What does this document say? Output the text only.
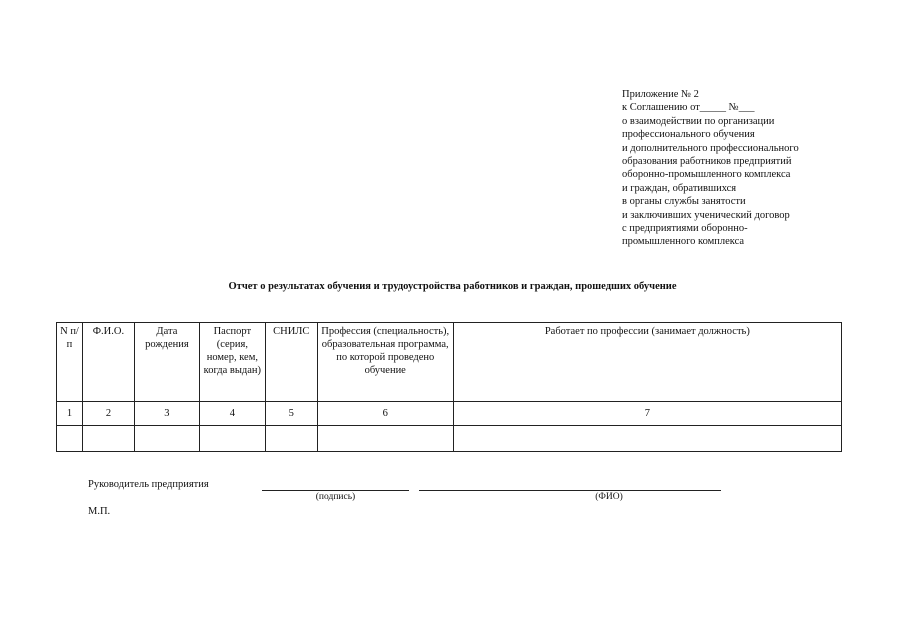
Приложение № 2
к Соглашению от_____ №___
о взаимодействии по организации
профессионального обучения
и дополнительного профессионального
образования работников предприятий
оборонно-промышленного комплекса
и граждан, обратившихся
в органы службы занятости
и заключивших ученический договор
с предприятиями оборонно-
промышленного комплекса
Отчет о результатах обучения и трудоустройства работников и граждан, прошедших обучение
N п/п	Ф.И.О.	Дата рождения	Паспорт (серия, номер, кем, когда выдан)	СНИЛС	Профессия (специальность), образовательная программа, по которой проведено обучение	Работает по профессии (занимает должность)
1	2	3	4	5	6	7

Руководитель предприятия
(подпись)	(ФИО)
М.П.
